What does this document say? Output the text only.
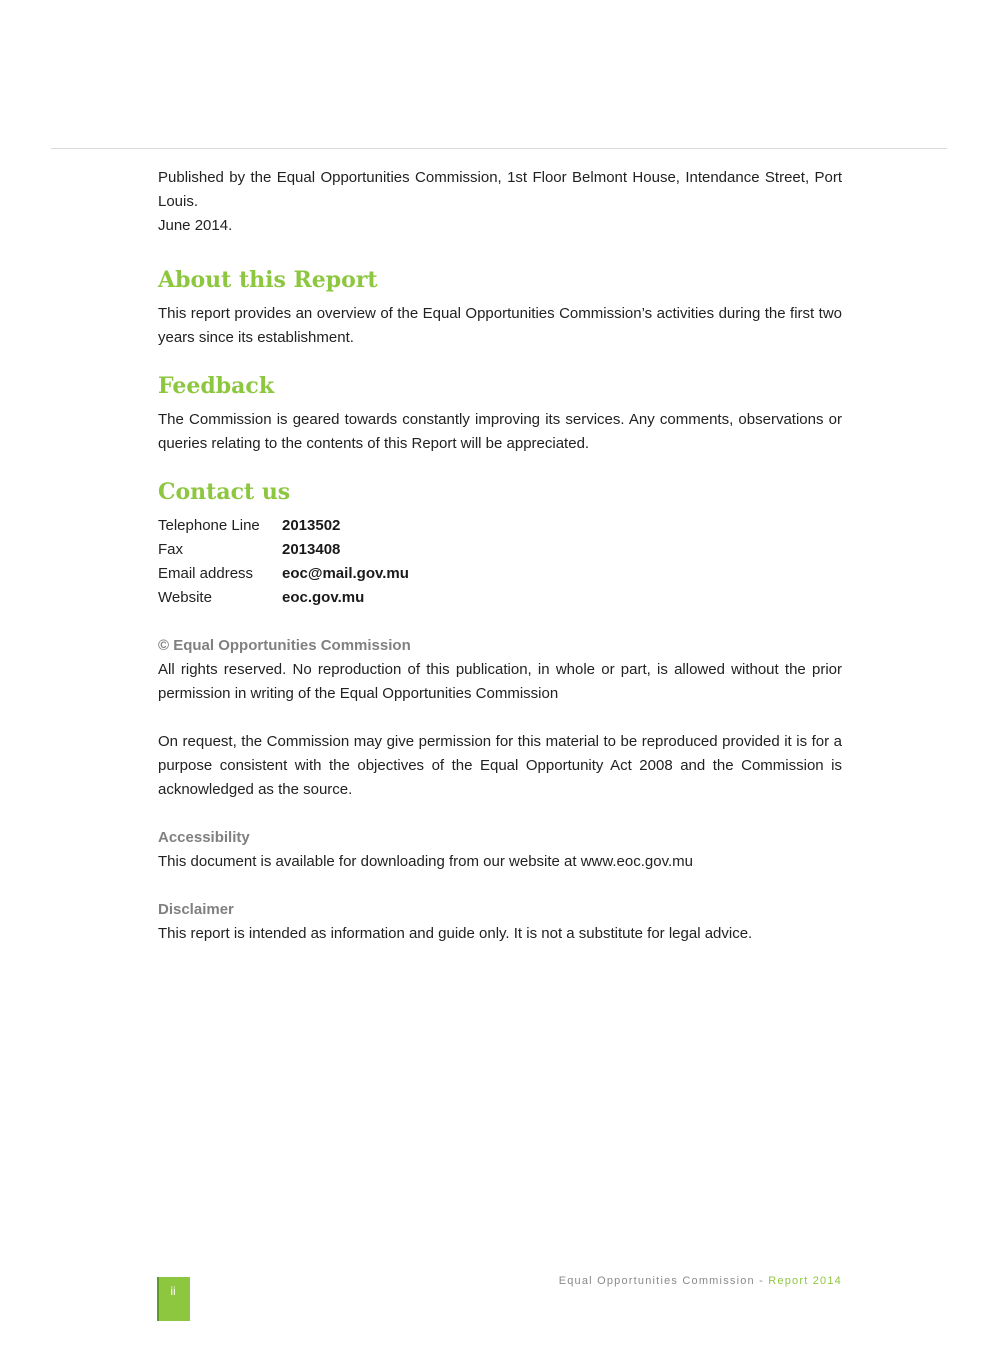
Published by the Equal Opportunities Commission, 1st Floor Belmont House, Intendance Street, Port Louis.

June 2014.

About this Report

This report provides an overview of the Equal Opportunities Commission’s activities during the first two years since its establishment.

Feedback

The Commission is geared towards constantly improving its services. Any comments, observations or queries relating to the contents of this Report will be appreciated.

Contact us
Telephone Line	2013502
Fax	2013408
Email address	eoc@mail.gov.mu
Website	eoc.gov.mu
© Equal Opportunities Commission

All rights reserved. No reproduction of this publication, in whole or part, is allowed without the prior permission in writing of the Equal Opportunities Commission

On request, the Commission may give permission for this material to be reproduced provided it is for a purpose consistent with the objectives of the Equal Opportunity Act 2008 and the Commission is acknowledged as the source.

Accessibility

This document is available for downloading from our website at www.eoc.gov.mu

Disclaimer

This report is intended as information and guide only. It is not a substitute for legal advice.

Equal Opportunities Commission - Report 2014
ii
